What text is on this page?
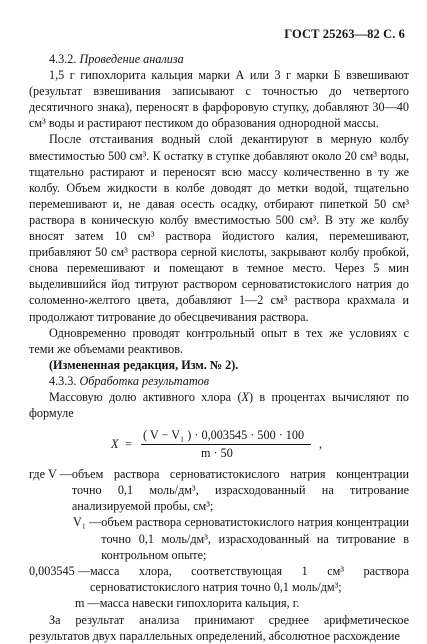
ГОСТ 25263—82 С. 6

4.3.2. Проведение анализа

1,5 г гипохлорита кальция марки А или 3 г марки Б взвешивают (результат взвешивания записывают с точностью до четвертого десятичного знака), переносят в фарфоровую ступку, добавляют 30—40 см³ воды и растирают пестиком до образования однородной массы.

После отстаивания водный слой декантируют в мерную колбу вместимостью 500 см³. К остатку в ступке добавляют около 20 см³ воды, тщательно растирают и переносят всю массу количественно в ту же колбу. Объем жидкости в колбе доводят до метки водой, тщательно перемешивают и, не давая осесть осадку, отбирают пипеткой 50 см³ раствора в коническую колбу вместимостью 500 см³. В эту же колбу вносят затем 10 см³ раствора йодистого калия, перемешивают, прибавляют 50 см³ раствора серной кислоты, закрывают колбу пробкой, снова перемешивают и помещают в темное место. Через 5 мин выделившийся йод титруют раствором серноватистокислого натрия до соломенно-желтого цвета, добавляют 1—2 см³ раствора крахмала и продолжают титрование до обесцвечивания раствора.

Одновременно проводят контрольный опыт в тех же условиях с теми же объемами реактивов.

(Измененная редакция, Изм. № 2).

4.3.3. Обработка результатов

Массовую долю активного хлора (X) в процентах вычисляют по формуле

X =
( V − V₁ ) · 0,003545 · 500 · 100
m · 50
,
где V — объем раствора серноватистокислого натрия концентрации точно 0,1 моль/дм³, израсходованный на титрование анализируемой пробы, см³;
V₁ — объем раствора серноватистокислого натрия концентрации точно 0,1 моль/дм³, израсходованный на титрование в контрольном опыте;
0,003545 — масса хлора, соответствующая 1 см³ раствора серноватистокислого натрия точно 0,1 моль/дм³;
m — масса навески гипохлорита кальция, г.

За результат анализа принимают среднее арифметическое результатов двух параллельных определений, абсолютное расхождение
